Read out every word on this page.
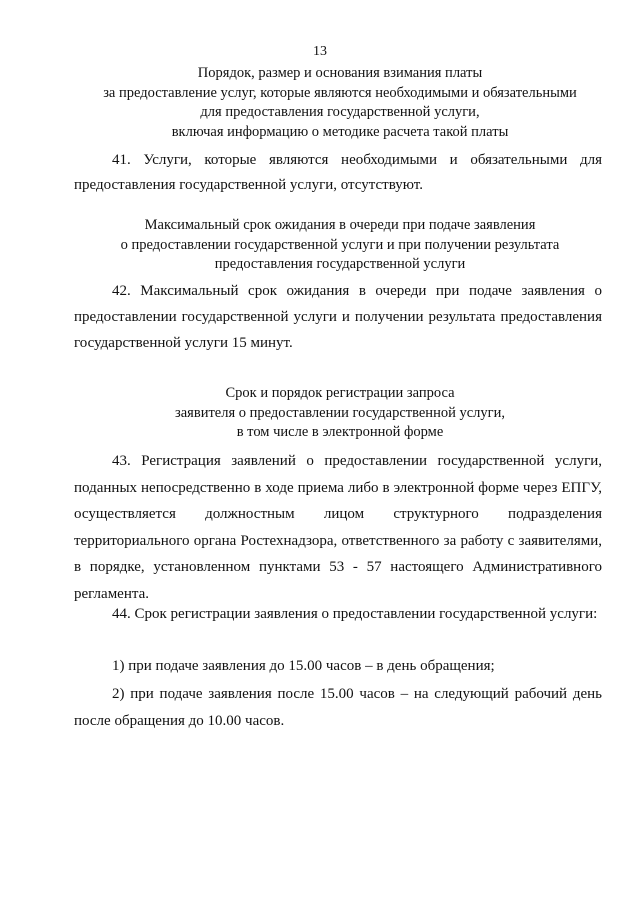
13
Порядок, размер и основания взимания платы
за предоставление услуг, которые являются необходимыми и обязательными
для предоставления государственной услуги,
включая информацию о методике расчета такой платы
41. Услуги, которые являются необходимыми и обязательными для предоставления государственной услуги, отсутствуют.
Максимальный срок ожидания в очереди при подаче заявления
о предоставлении государственной услуги и при получении результата
предоставления государственной услуги
42. Максимальный срок ожидания в очереди при подаче заявления о предоставлении государственной услуги и получении результата предоставления государственной услуги 15 минут.
Срок и порядок регистрации запроса
заявителя о предоставлении государственной услуги,
в том числе в электронной форме
43. Регистрация заявлений о предоставлении государственной услуги, поданных непосредственно в ходе приема либо в электронной форме через ЕПГУ, осуществляется должностным лицом структурного подразделения территориального органа Ростехнадзора, ответственного за работу с заявителями, в порядке, установленном пунктами 53 - 57 настоящего Административного регламента.
44. Срок регистрации заявления о предоставлении государственной услуги:
1) при подаче заявления до 15.00 часов – в день обращения;
2) при подаче заявления после 15.00 часов – на следующий рабочий день после обращения до 10.00 часов.
